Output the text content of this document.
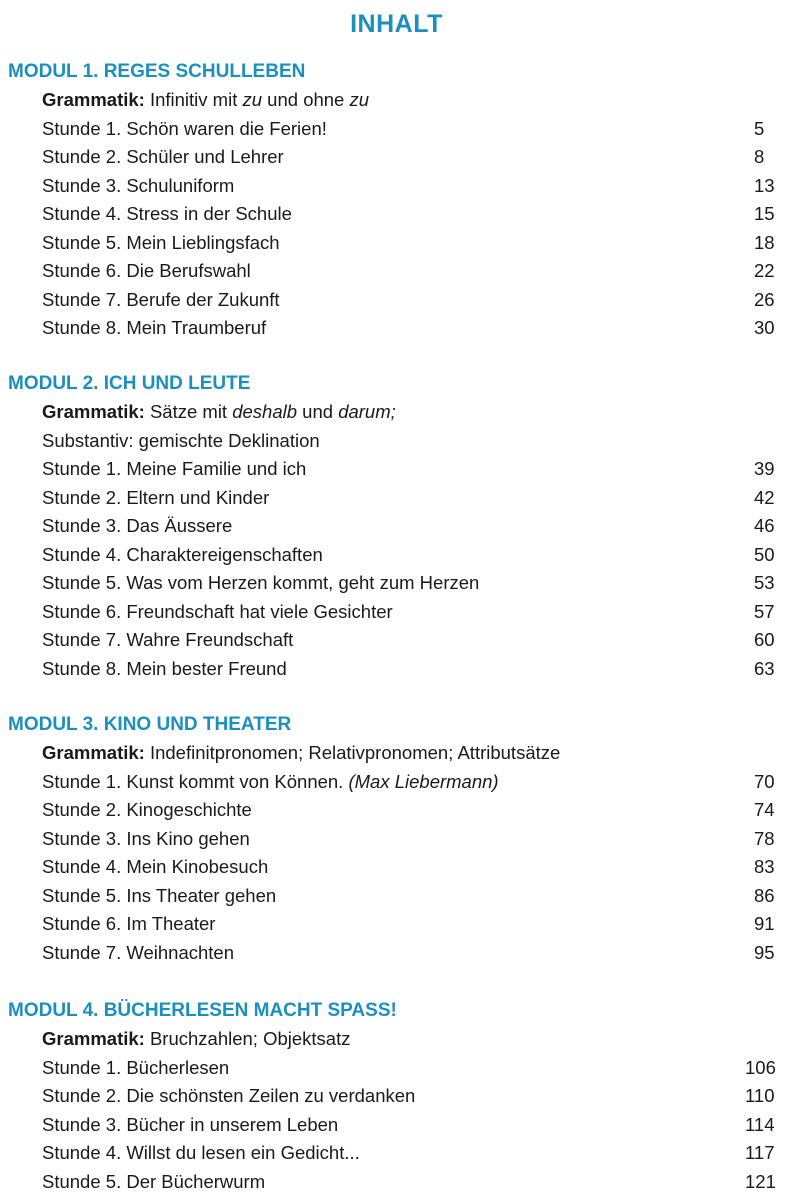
INHALT
MODUL 1. REGES SCHULLEBEN
Grammatik: Infinitiv mit zu und ohne zu
Stunde 1. Schön waren die Ferien!	5
Stunde 2. Schüler und Lehrer	8
Stunde 3. Schuluniform	13
Stunde 4. Stress in der Schule	15
Stunde 5. Mein Lieblingsfach	18
Stunde 6. Die Berufswahl	22
Stunde 7. Berufe der Zukunft	26
Stunde 8. Mein Traumberuf	30
MODUL 2. ICH UND LEUTE
Grammatik: Sätze mit deshalb und darum;
Substantiv: gemischte Deklination
Stunde 1. Meine Familie und ich	39
Stunde 2. Eltern und Kinder	42
Stunde 3. Das Äussere	46
Stunde 4. Charaktereigenschaften	50
Stunde 5. Was vom Herzen kommt, geht zum Herzen	53
Stunde 6. Freundschaft hat viele Gesichter	57
Stunde 7. Wahre Freundschaft	60
Stunde 8. Mein bester Freund	63
MODUL 3. KINO UND THEATER
Grammatik: Indefinitpronomen; Relativpronomen; Attributsätze
Stunde 1. Kunst kommt von Können. (Max Liebermann)	70
Stunde 2. Kinogeschichte	74
Stunde 3. Ins Kino gehen	78
Stunde 4. Mein Kinobesuch	83
Stunde 5. Ins Theater gehen	86
Stunde 6. Im Theater	91
Stunde 7. Weihnachten	95
MODUL 4. BÜCHERLESEN MACHT SPASS!
Grammatik: Bruchzahlen; Objektsatz
Stunde 1. Bücherlesen	106
Stunde 2. Die schönsten Zeilen zu verdanken	110
Stunde 3. Bücher in unserem Leben	114
Stunde 4. Willst du lesen ein Gedicht...	117
Stunde 5. Der Bücherwurm	121
